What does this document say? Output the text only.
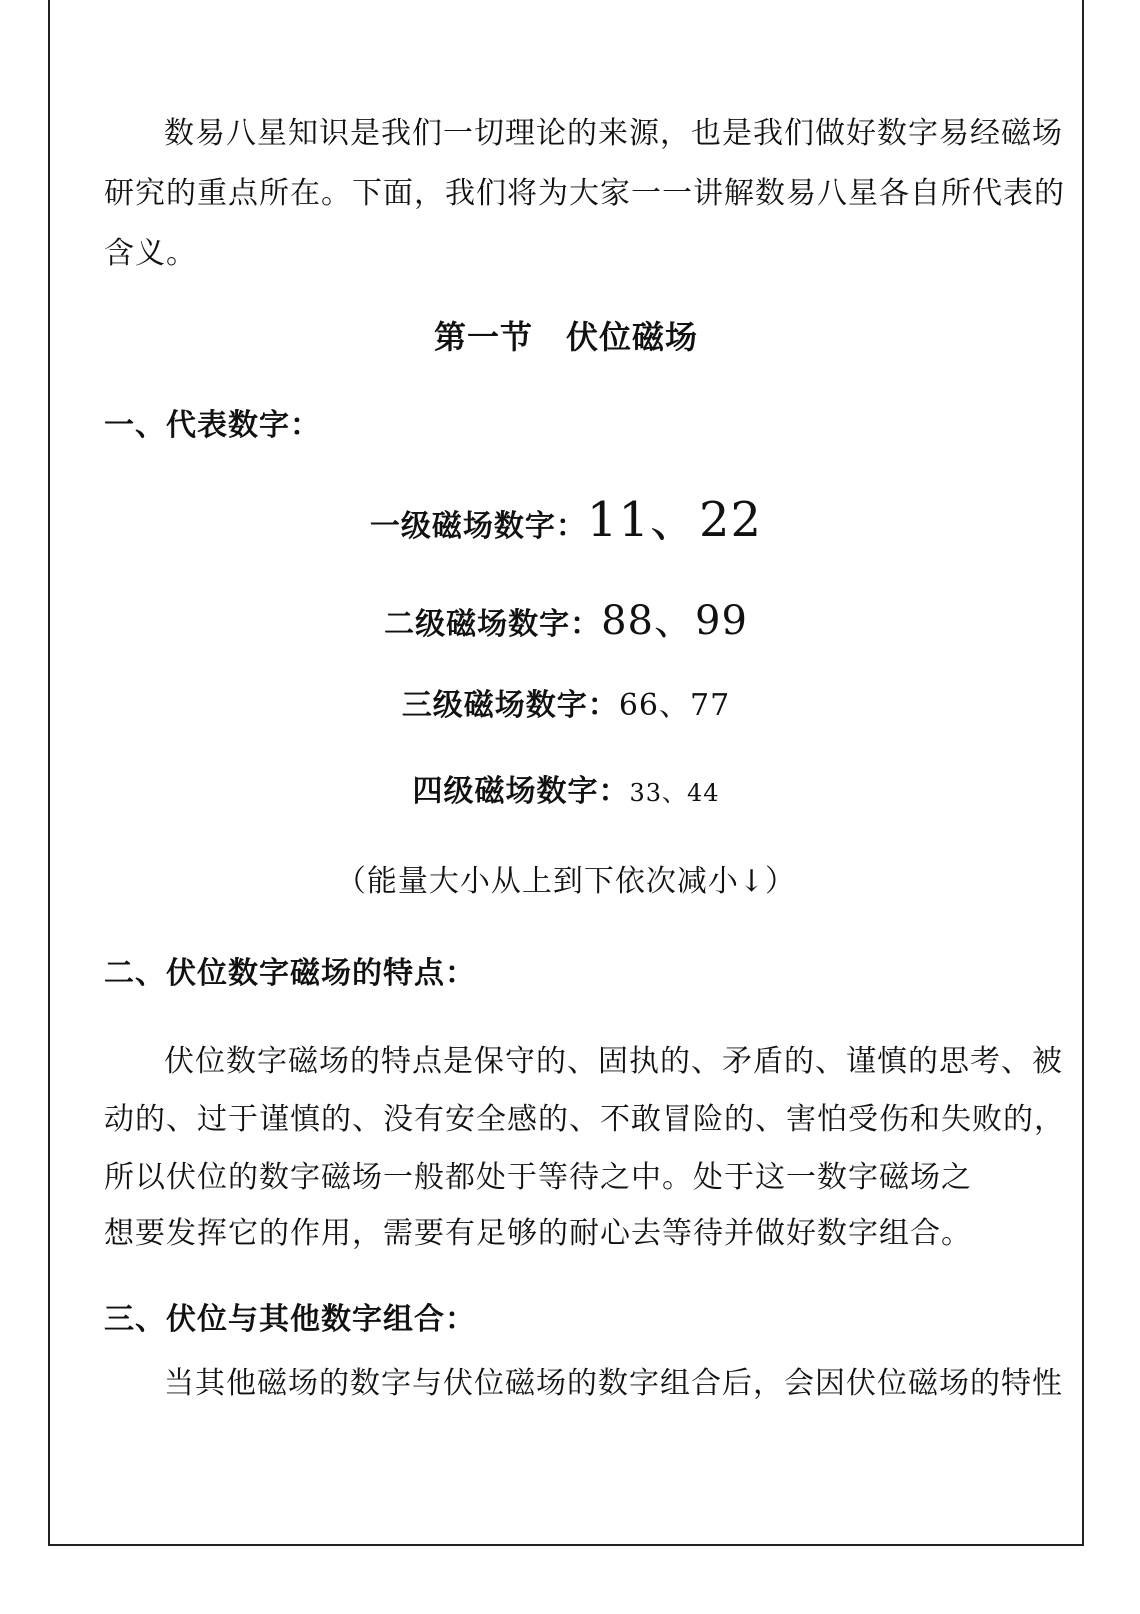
数易八星知识是我们一切理论的来源，也是我们做好数字易经磁场
研究的重点所在。下面，我们将为大家一一讲解数易八星各自所代表的
含义。
第一节　伏位磁场
一、代表数字：
一级磁场数字：11、22
二级磁场数字：88、99
三级磁场数字：66、77
四级磁场数字：33、44
（能量大小从上到下依次减小↓）
二、伏位数字磁场的特点：
伏位数字磁场的特点是保守的、固执的、矛盾的、谨慎的思考、被
动的、过于谨慎的、没有安全感的、不敢冒险的、害怕受伤和失败的，
所以伏位的数字磁场一般都处于等待之中。处于这一数字磁场之
想要发挥它的作用，需要有足够的耐心去等待并做好数字组合。
三、伏位与其他数字组合：
当其他磁场的数字与伏位磁场的数字组合后，会因伏位磁场的特性
